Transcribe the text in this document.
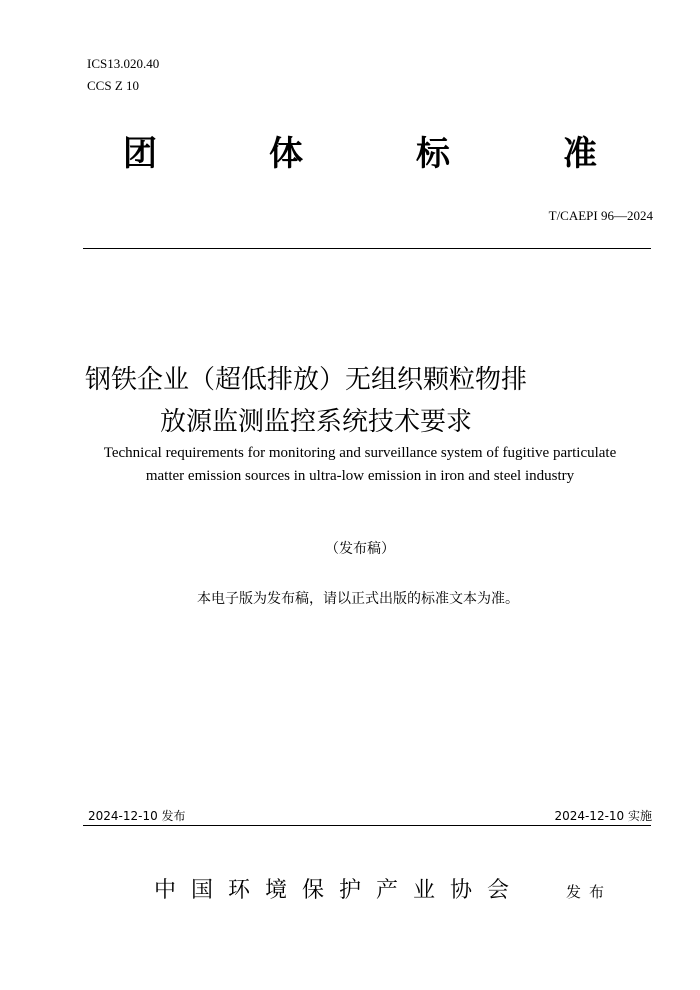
ICS13.020.40
CCS Z 10
团	体	标	准
T/CAEPI 96—2024
钢铁企业（超低排放）无组织颗粒物排
放源监测监控系统技术要求
Technical requirements for monitoring and surveillance system of fugitive particulate
matter emission sources in ultra-low emission in iron and steel industry
（发布稿）
本电子版为发布稿，请以正式出版的标准文本为准。
2024-12-10 发布	2024-12-10 实施
中国环境保护产业协会	发布
